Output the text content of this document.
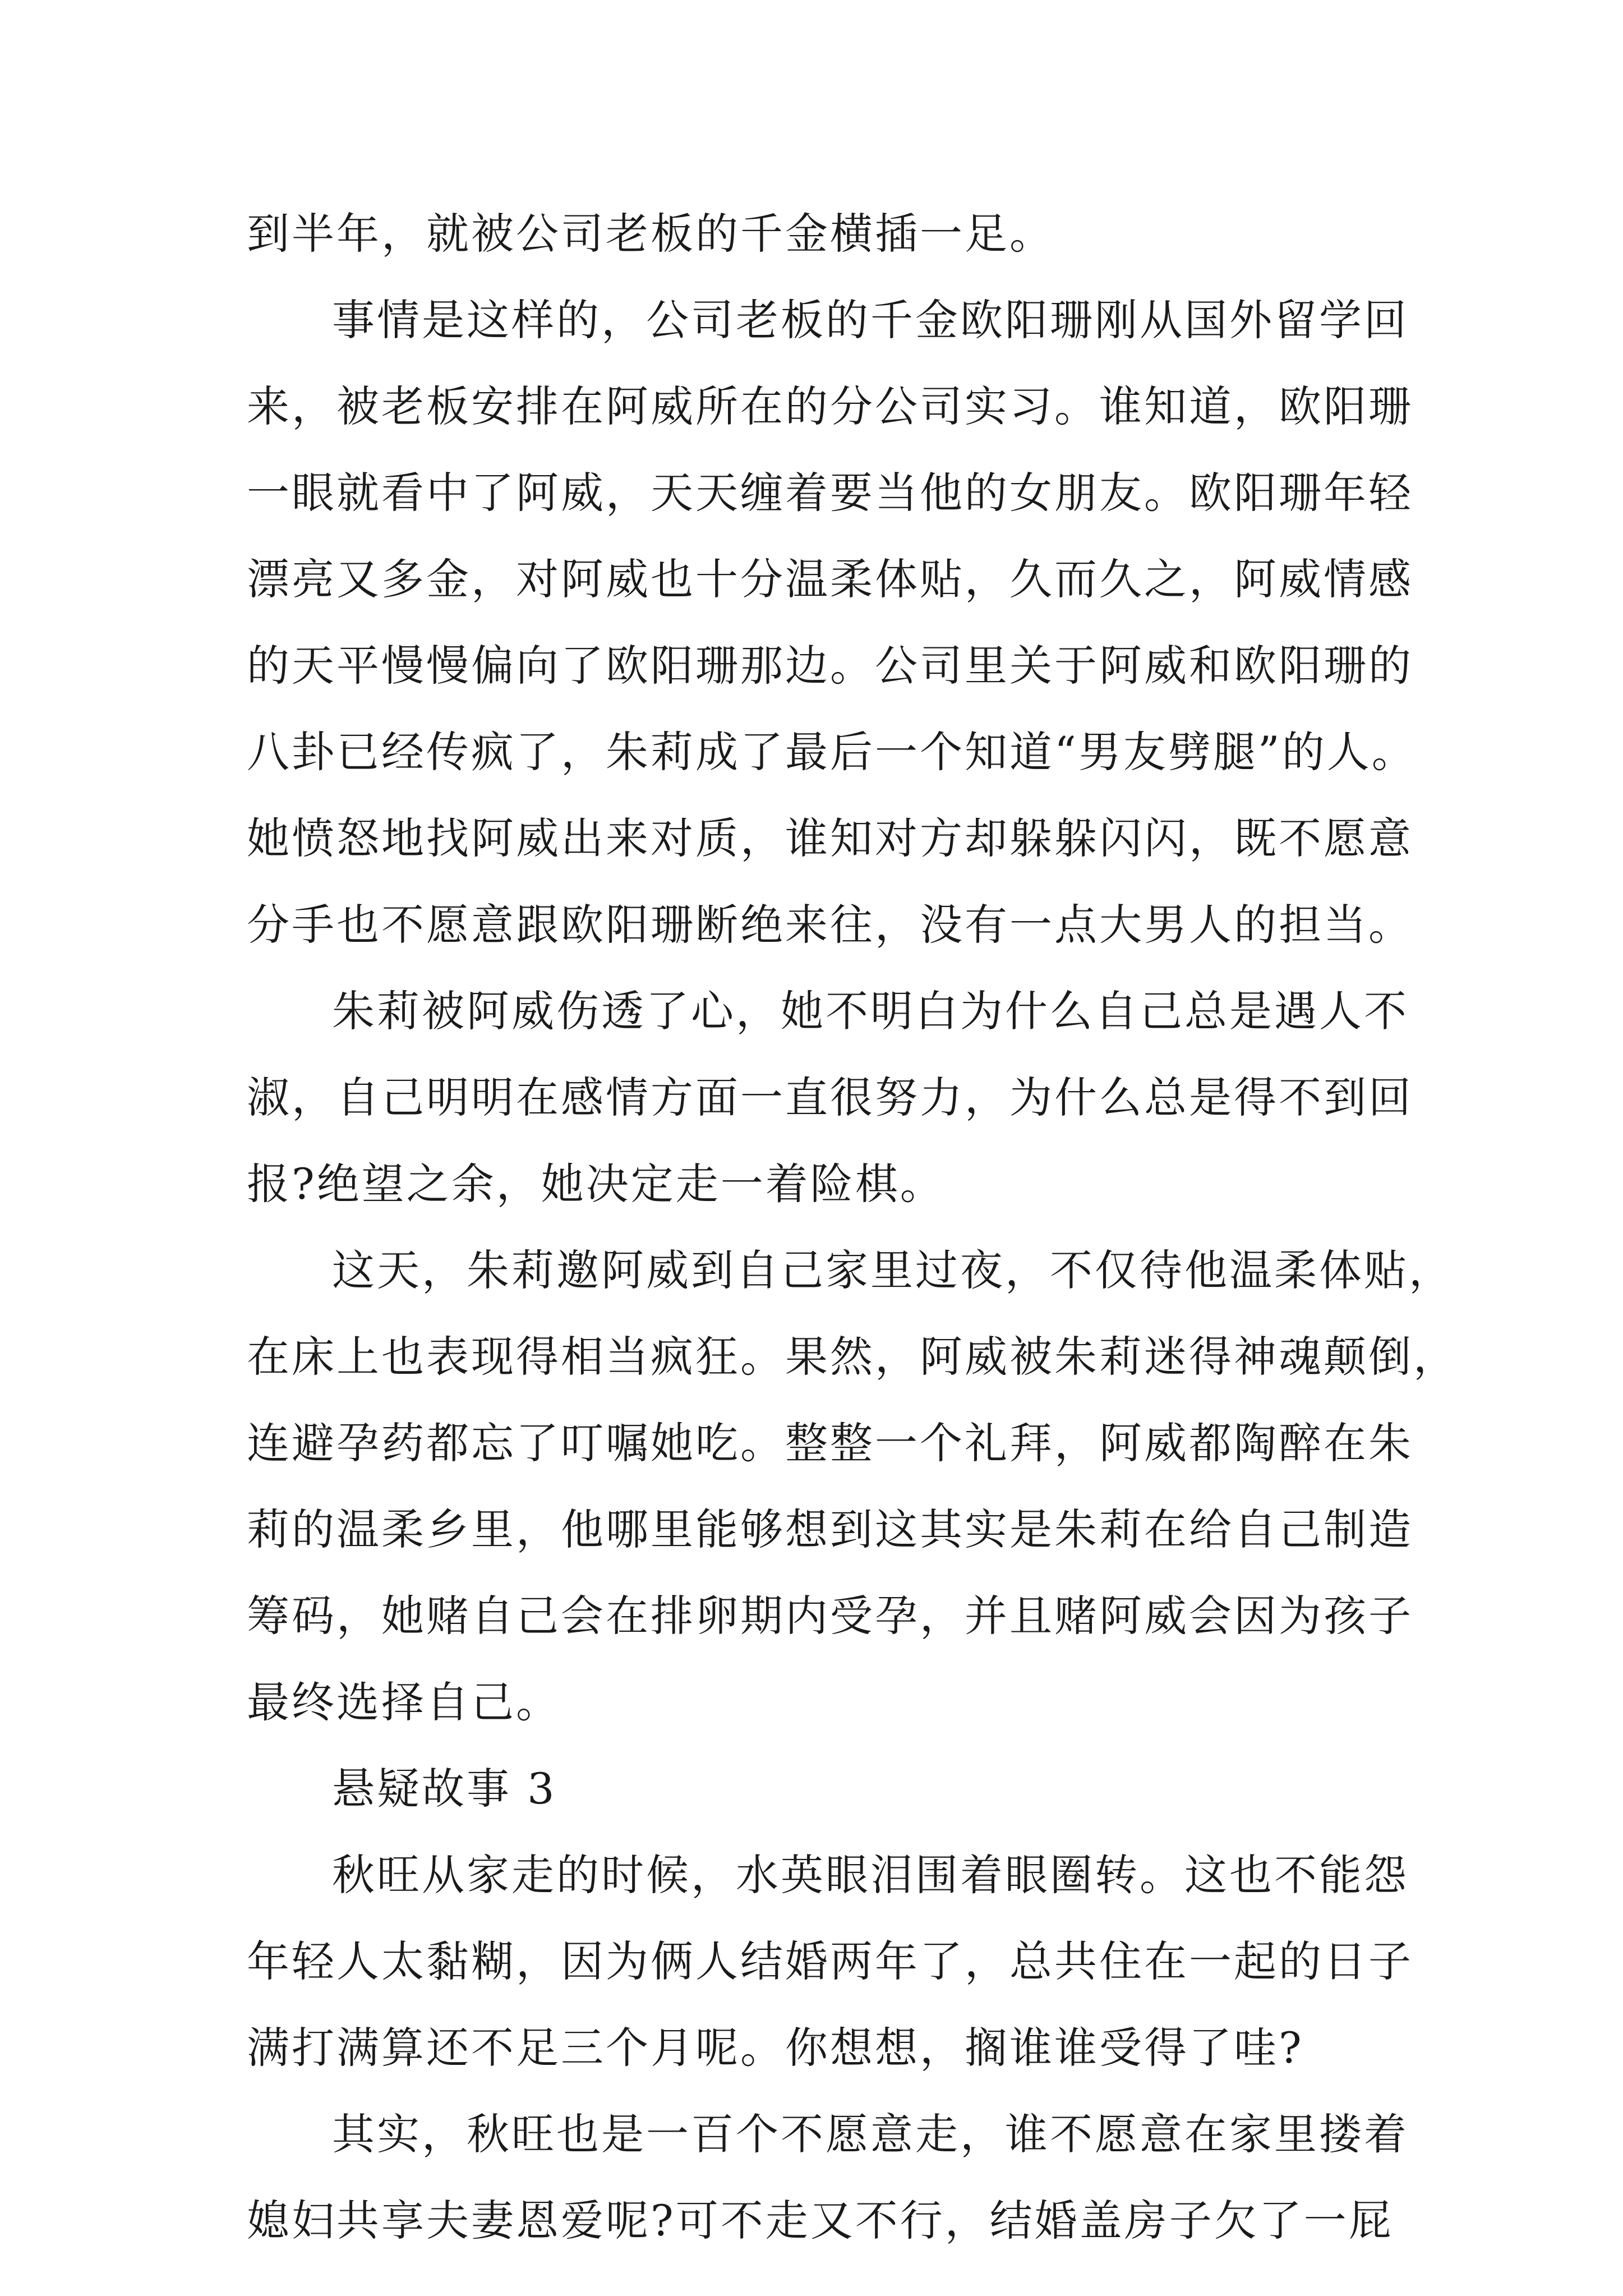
到半年，就被公司老板的千金横插一足。
事情是这样的，公司老板的千金欧阳珊刚从国外留学回
来，被老板安排在阿威所在的分公司实习。谁知道，欧阳珊
一眼就看中了阿威，天天缠着要当他的女朋友。欧阳珊年轻
漂亮又多金，对阿威也十分温柔体贴，久而久之，阿威情感
的天平慢慢偏向了欧阳珊那边。公司里关于阿威和欧阳珊的
八卦已经传疯了，朱莉成了最后一个知道“男友劈腿”的人。
她愤怒地找阿威出来对质，谁知对方却躲躲闪闪，既不愿意
分手也不愿意跟欧阳珊断绝来往，没有一点大男人的担当。
朱莉被阿威伤透了心，她不明白为什么自己总是遇人不
淑，自己明明在感情方面一直很努力，为什么总是得不到回
报?绝望之余，她决定走一着险棋。
这天，朱莉邀阿威到自己家里过夜，不仅待他温柔体贴，
在床上也表现得相当疯狂。果然，阿威被朱莉迷得神魂颠倒，
连避孕药都忘了叮嘱她吃。整整一个礼拜，阿威都陶醉在朱
莉的温柔乡里，他哪里能够想到这其实是朱莉在给自己制造
筹码，她赌自己会在排卵期内受孕，并且赌阿威会因为孩子
最终选择自己。
悬疑故事 3
秋旺从家走的时候，水英眼泪围着眼圈转。这也不能怨
年轻人太黏糊，因为俩人结婚两年了，总共住在一起的日子
满打满算还不足三个月呢。你想想，搁谁谁受得了哇?
其实，秋旺也是一百个不愿意走，谁不愿意在家里搂着
媳妇共享夫妻恩爱呢?可不走又不行，结婚盖房子欠了一屁
